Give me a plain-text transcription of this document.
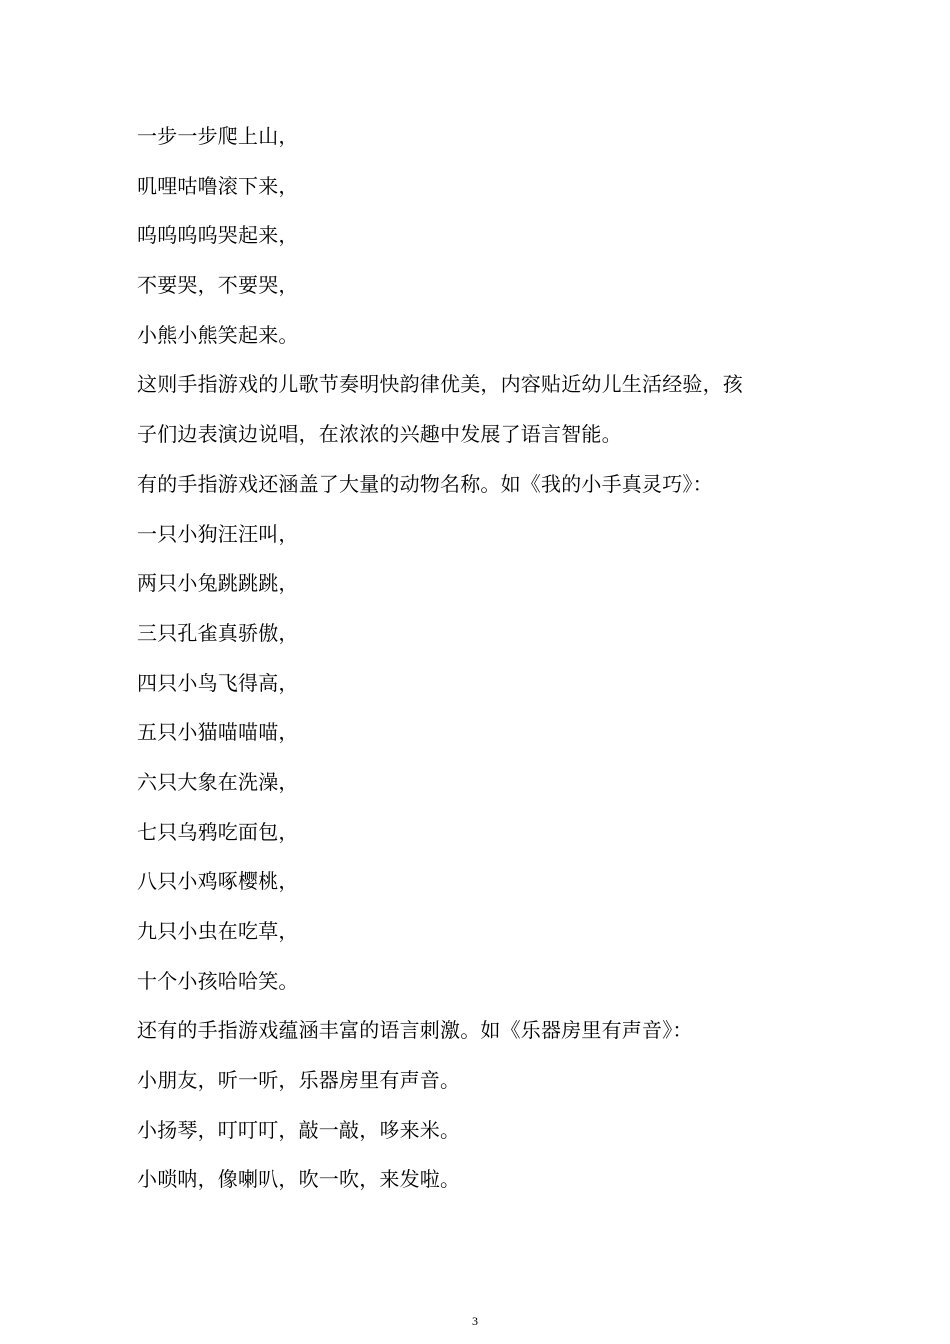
一步一步爬上山，
叽哩咕噜滚下来，
呜呜呜呜哭起来，
不要哭，不要哭，
小熊小熊笑起来。
这则手指游戏的儿歌节奏明快韵律优美，内容贴近幼儿生活经验，孩
子们边表演边说唱，在浓浓的兴趣中发展了语言智能。
有的手指游戏还涵盖了大量的动物名称。如《我的小手真灵巧》：
一只小狗汪汪叫，
两只小兔跳跳跳，
三只孔雀真骄傲，
四只小鸟飞得高，
五只小猫喵喵喵，
六只大象在洗澡，
七只乌鸦吃面包，
八只小鸡啄樱桃，
九只小虫在吃草，
十个小孩哈哈笑。
还有的手指游戏蕴涵丰富的语言刺激。如《乐器房里有声音》：
小朋友，听一听，乐器房里有声音。
小扬琴，叮叮叮，敲一敲，哆来米。
小唢呐，像喇叭，吹一吹，来发啦。
3
